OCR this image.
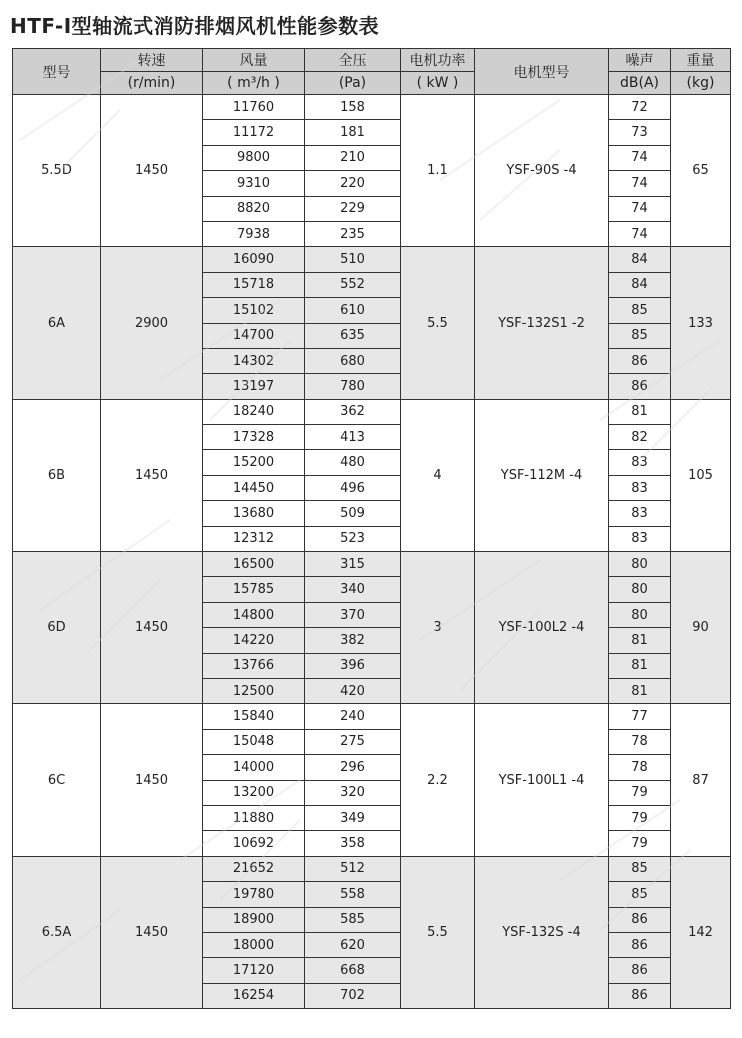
HTF-I型轴流式消防排烟风机性能参数表
型号	转速	风量	全压	电机功率	电机型号	噪声	重量
	(r/min)	( m³/h )	(Pa)	( kW )		dB(A)	(kg)
5.5D	1450	11760	158	1.1	YSF-90S -4	72	65
		11172	181			73	
		9800	210			74	
		9310	220			74	
		8820	229			74	
		7938	235			74	
6A	2900	16090	510	5.5	YSF-132S1 -2	84	133
		15718	552			84	
		15102	610			85	
		14700	635			85	
		14302	680			86	
		13197	780			86	
6B	1450	18240	362	4	YSF-112M -4	81	105
		17328	413			82	
		15200	480			83	
		14450	496			83	
		13680	509			83	
		12312	523			83	
6D	1450	16500	315	3	YSF-100L2 -4	80	90
		15785	340			80	
		14800	370			80	
		14220	382			81	
		13766	396			81	
		12500	420			81	
6C	1450	15840	240	2.2	YSF-100L1 -4	77	87
		15048	275			78	
		14000	296			78	
		13200	320			79	
		11880	349			79	
		10692	358			79	
6.5A	1450	21652	512	5.5	YSF-132S -4	85	142
		19780	558			85	
		18900	585			86	
		18000	620			86	
		17120	668			86	
		16254	702			86	
